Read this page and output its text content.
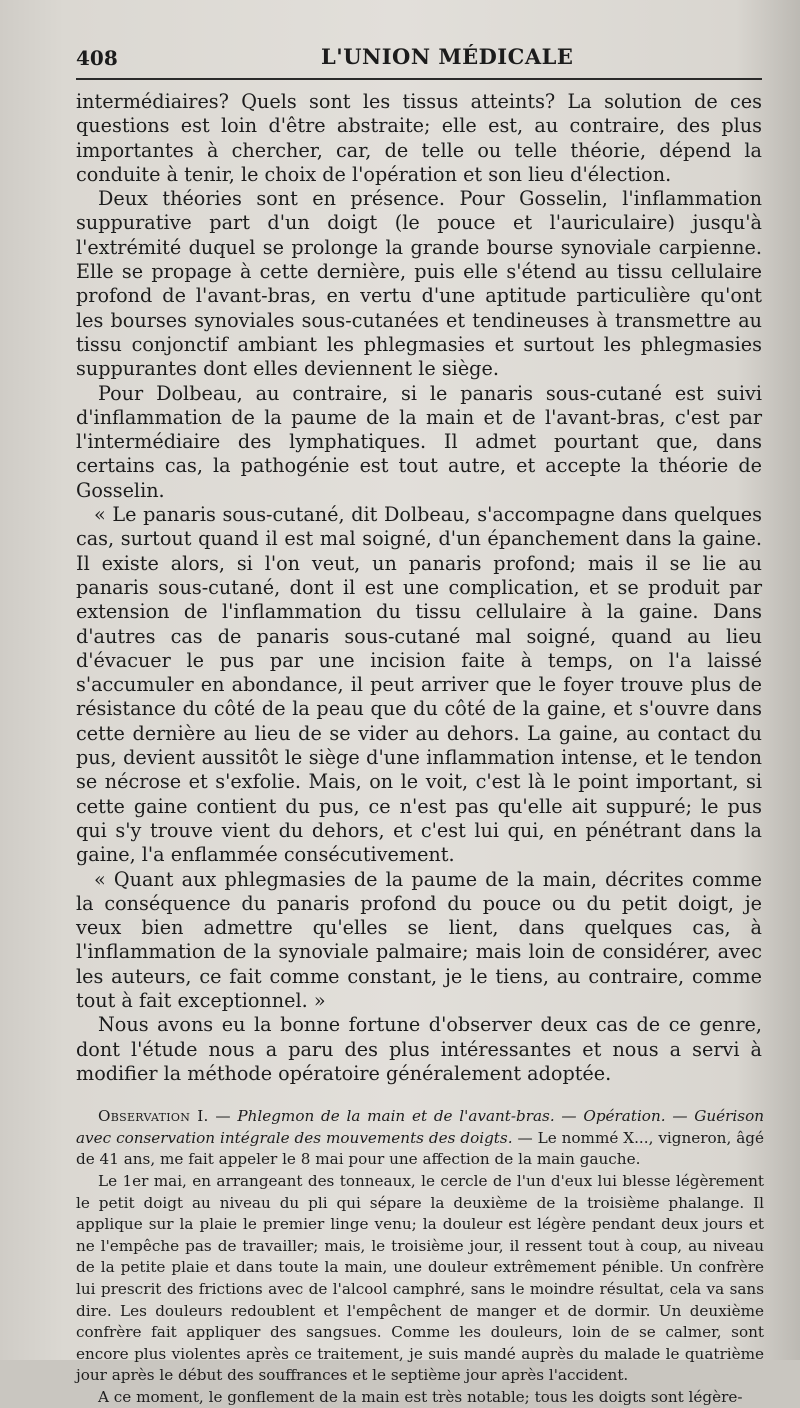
408	L'UNION MÉDICALE

intermédiaires? Quels sont les tissus atteints? La solution de ces questions est loin d'être abstraite; elle est, au contraire, des plus importantes à chercher, car, de telle ou telle théorie, dépend la conduite à tenir, le choix de l'opération et son lieu d'élection.

Deux théories sont en présence. Pour Gosselin, l'inflammation suppurative part d'un doigt (le pouce et l'auriculaire) jusqu'à l'extrémité duquel se prolonge la grande bourse synoviale carpienne. Elle se propage à cette dernière, puis elle s'étend au tissu cellulaire profond de l'avant-bras, en vertu d'une aptitude particulière qu'ont les bourses synoviales sous-cutanées et tendineuses à transmettre au tissu conjonctif ambiant les phlegmasies et surtout les phlegmasies suppurantes dont elles deviennent le siège.

Pour Dolbeau, au contraire, si le panaris sous-cutané est suivi d'inflammation de la paume de la main et de l'avant-bras, c'est par l'intermédiaire des lymphatiques. Il admet pourtant que, dans certains cas, la pathogénie est tout autre, et accepte la théorie de Gosselin.

« Le panaris sous-cutané, dit Dolbeau, s'accompagne dans quelques cas, surtout quand il est mal soigné, d'un épanchement dans la gaine. Il existe alors, si l'on veut, un panaris profond; mais il se lie au panaris sous-cutané, dont il est une complication, et se produit par extension de l'inflammation du tissu cellulaire à la gaine. Dans d'autres cas de panaris sous-cutané mal soigné, quand au lieu d'évacuer le pus par une incision faite à temps, on l'a laissé s'accumuler en abondance, il peut arriver que le foyer trouve plus de résistance du côté de la peau que du côté de la gaine, et s'ouvre dans cette dernière au lieu de se vider au dehors. La gaine, au contact du pus, devient aussitôt le siège d'une inflammation intense, et le tendon se nécrose et s'exfolie. Mais, on le voit, c'est là le point important, si cette gaine contient du pus, ce n'est pas qu'elle ait suppuré; le pus qui s'y trouve vient du dehors, et c'est lui qui, en pénétrant dans la gaine, l'a enflammée consécutivement.

« Quant aux phlegmasies de la paume de la main, décrites comme la conséquence du panaris profond du pouce ou du petit doigt, je veux bien admettre qu'elles se lient, dans quelques cas, à l'inflammation de la synoviale palmaire; mais loin de considérer, avec les auteurs, ce fait comme constant, je le tiens, au contraire, comme tout à fait exceptionnel. »

Nous avons eu la bonne fortune d'observer deux cas de ce genre, dont l'étude nous a paru des plus intéressantes et nous a servi à modifier la méthode opératoire généralement adoptée.

Observation I. — Phlegmon de la main et de l'avant-bras. — Opération. — Guérison avec conservation intégrale des mouvements des doigts. — Le nommé X..., vigneron, âgé de 41 ans, me fait appeler le 8 mai pour une affection de la main gauche.

Le 1er mai, en arrangeant des tonneaux, le cercle de l'un d'eux lui blesse légèrement le petit doigt au niveau du pli qui sépare la deuxième de la troisième phalange. Il applique sur la plaie le premier linge venu; la douleur est légère pendant deux jours et ne l'empêche pas de travailler; mais, le troisième jour, il ressent tout à coup, au niveau de la petite plaie et dans toute la main, une douleur extrêmement pénible. Un confrère lui prescrit des frictions avec de l'alcool camphré, sans le moindre résultat, cela va sans dire. Les douleurs redoublent et l'empêchent de manger et de dormir. Un deuxième confrère fait appliquer des sangsues. Comme les douleurs, loin de se calmer, sont encore plus violentes après ce traitement, je suis mandé auprès du malade le quatrième jour après le début des souffrances et le septième jour après l'accident.

A ce moment, le gonflement de la main est très notable; tous les doigts sont légère-
